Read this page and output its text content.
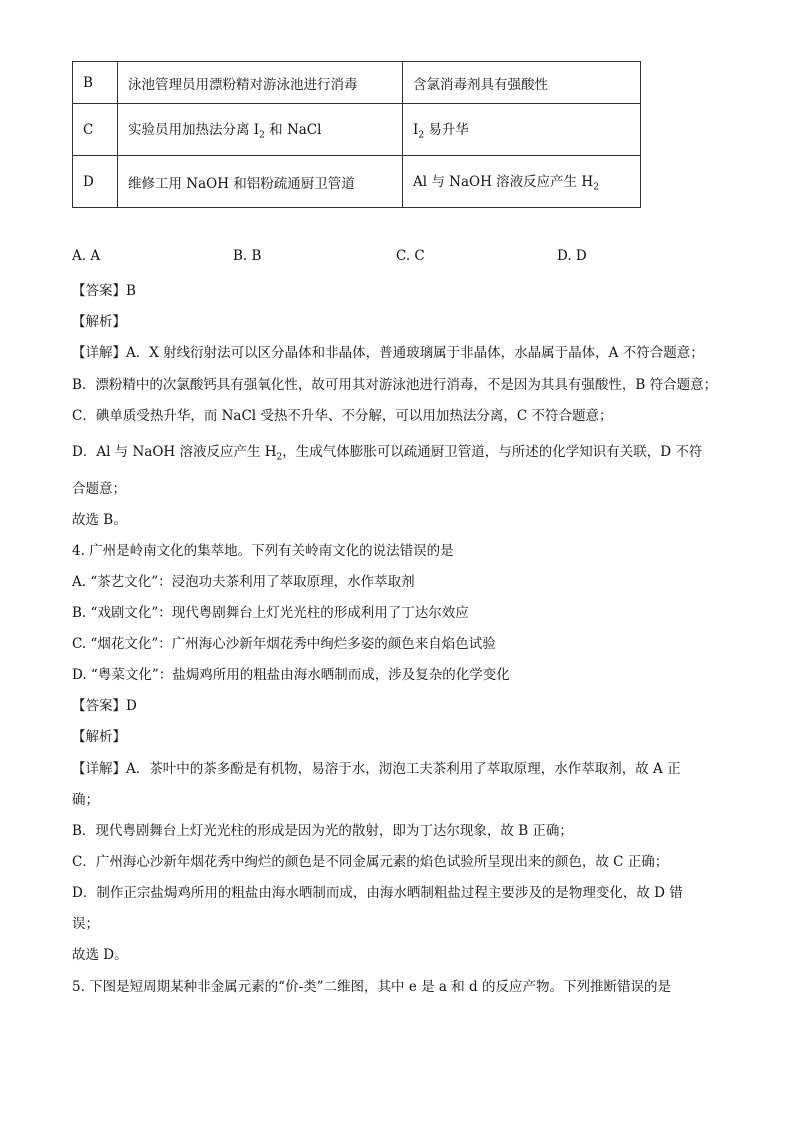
B	泳池管理员用漂粉精对游泳池进行消毒	含氯消毒剂具有强酸性
C	实验员用加热法分离 $I_2$ 和 NaCl	$I_2$ 易升华
D	维修工用 NaOH 和铝粉疏通厨卫管道	Al 与 NaOH 溶液反应产生 $H_2$
A. A	B. B	C. C	D. D
【答案】B
【解析】
【详解】A．X 射线衍射法可以区分晶体和非晶体，普通玻璃属于非晶体，水晶属于晶体，A 不符合题意；
B．漂粉精中的次氯酸钙具有强氧化性，故可用其对游泳池进行消毒，不是因为其具有强酸性，B 符合题意；
C．碘单质受热升华，而 NaCl 受热不升华、不分解，可以用加热法分离，C 不符合题意；
D．Al 与 NaOH 溶液反应产生 $H_2$，生成气体膨胀可以疏通厨卫管道，与所述的化学知识有关联，D 不符
合题意；
故选 B。
4. 广州是岭南文化的集萃地。下列有关岭南文化的说法错误的是
A. “茶艺文化”：浸泡功夫茶利用了萃取原理，水作萃取剂
B. “戏剧文化”：现代粤剧舞台上灯光光柱的形成利用了丁达尔效应
C. “烟花文化”：广州海心沙新年烟花秀中绚烂多姿的颜色来自焰色试验
D. “粤菜文化”：盐焗鸡所用的粗盐由海水晒制而成，涉及复杂的化学变化
【答案】D
【解析】
【详解】A．茶叶中的茶多酚是有机物，易溶于水，沏泡工夫茶利用了萃取原理，水作萃取剂，故 A 正
确；
B．现代粤剧舞台上灯光光柱的形成是因为光的散射，即为丁达尔现象，故 B 正确；
C．广州海心沙新年烟花秀中绚烂的颜色是不同金属元素的焰色试验所呈现出来的颜色，故 C 正确；
D．制作正宗盐焗鸡所用的粗盐由海水晒制而成，由海水晒制粗盐过程主要涉及的是物理变化，故 D 错
误；
故选 D。
5. 下图是短周期某种非金属元素的“价-类”二维图，其中 e 是 a 和 d 的反应产物。下列推断错误的是
